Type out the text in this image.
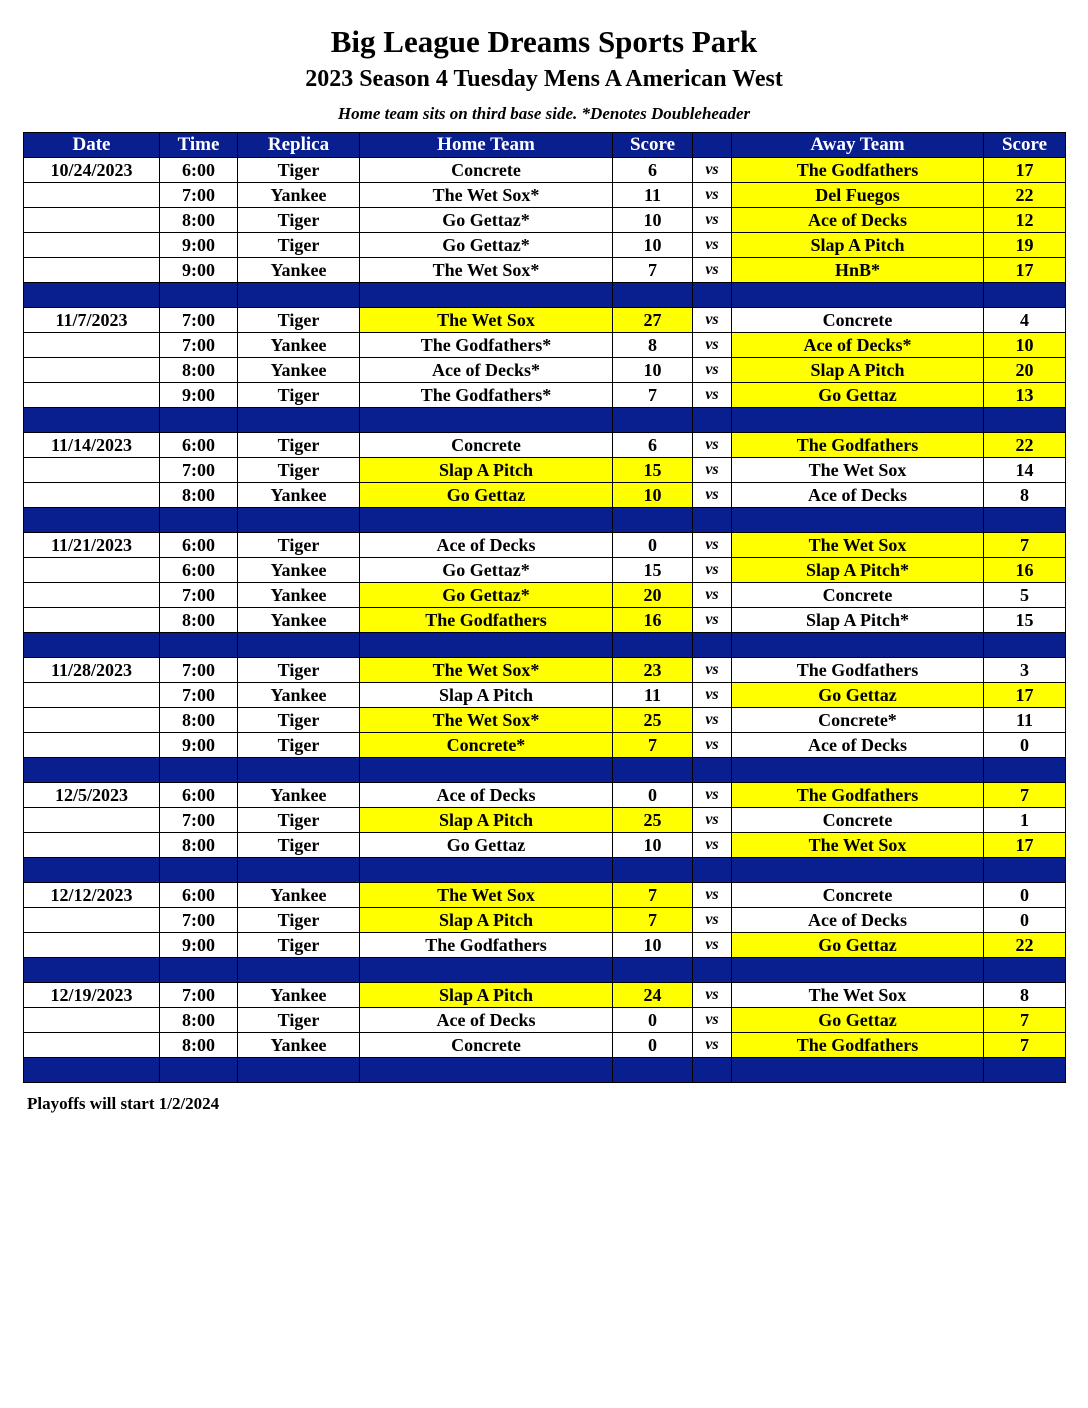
Big League Dreams Sports Park
2023 Season 4 Tuesday Mens A American West
Home team sits on third base side. *Denotes Doubleheader
Date	Time	Replica	Home Team	Score		Away Team	Score
10/24/2023	6:00	Tiger	Concrete	6	vs	The Godfathers	17
	7:00	Yankee	The Wet Sox*	11	vs	Del Fuegos	22
	8:00	Tiger	Go Gettaz*	10	vs	Ace of Decks	12
	9:00	Tiger	Go Gettaz*	10	vs	Slap A Pitch	19
	9:00	Yankee	The Wet Sox*	7	vs	HnB*	17

11/7/2023	7:00	Tiger	The Wet Sox	27	vs	Concrete	4
	7:00	Yankee	The Godfathers*	8	vs	Ace of Decks*	10
	8:00	Yankee	Ace of Decks*	10	vs	Slap A Pitch	20
	9:00	Tiger	The Godfathers*	7	vs	Go Gettaz	13

11/14/2023	6:00	Tiger	Concrete	6	vs	The Godfathers	22
	7:00	Tiger	Slap A Pitch	15	vs	The Wet Sox	14
	8:00	Yankee	Go Gettaz	10	vs	Ace of Decks	8

11/21/2023	6:00	Tiger	Ace of Decks	0	vs	The Wet Sox	7
	6:00	Yankee	Go Gettaz*	15	vs	Slap A Pitch*	16
	7:00	Yankee	Go Gettaz*	20	vs	Concrete	5
	8:00	Yankee	The Godfathers	16	vs	Slap A Pitch*	15

11/28/2023	7:00	Tiger	The Wet Sox*	23	vs	The Godfathers	3
	7:00	Yankee	Slap A Pitch	11	vs	Go Gettaz	17
	8:00	Tiger	The Wet Sox*	25	vs	Concrete*	11
	9:00	Tiger	Concrete*	7	vs	Ace of Decks	0

12/5/2023	6:00	Yankee	Ace of Decks	0	vs	The Godfathers	7
	7:00	Tiger	Slap A Pitch	25	vs	Concrete	1
	8:00	Tiger	Go Gettaz	10	vs	The Wet Sox	17

12/12/2023	6:00	Yankee	The Wet Sox	7	vs	Concrete	0
	7:00	Tiger	Slap A Pitch	7	vs	Ace of Decks	0
	9:00	Tiger	The Godfathers	10	vs	Go Gettaz	22

12/19/2023	7:00	Yankee	Slap A Pitch	24	vs	The Wet Sox	8
	8:00	Tiger	Ace of Decks	0	vs	Go Gettaz	7
	8:00	Yankee	Concrete	0	vs	The Godfathers	7

Playoffs will start 1/2/2024
